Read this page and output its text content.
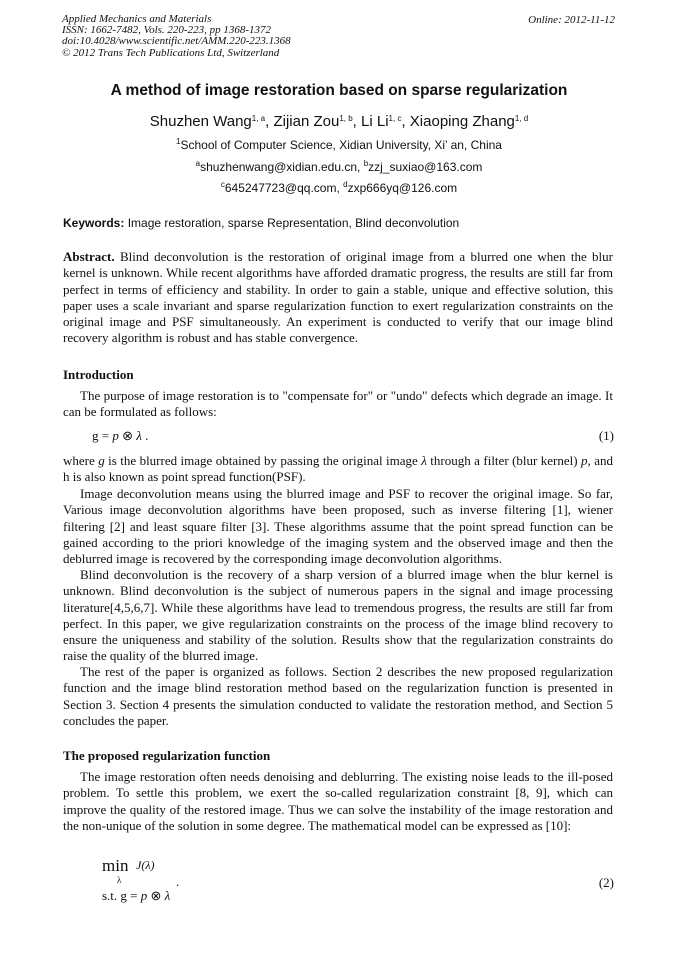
Applied Mechanics and Materials
ISSN: 1662-7482, Vols. 220-223, pp 1368-1372
doi:10.4028/www.scientific.net/AMM.220-223.1368
© 2012 Trans Tech Publications Ltd, Switzerland
Online: 2012-11-12
A method of image restoration based on sparse regularization
Shuzhen Wang$^{1, a}$, Zijian Zou$^{1, b}$, Li Li$^{1, c}$, Xiaoping Zhang$^{1, d}$
$^1$School of Computer Science, Xidian University, Xi’ an, China
$^a$shuzhenwang@xidian.edu.cn, $^b$zzj_suxiao@163.com
$^c$645247723@qq.com, $^d$zxp666yq@126.com
Keywords: Image restoration, sparse Representation, Blind deconvolution

Abstract. Blind deconvolution is the restoration of original image from a blurred one when the blur kernel is unknown. While recent algorithms have afforded dramatic progress, the results are still far from perfect in terms of efficiency and stability. In order to gain a stable, unique and effective solution, this paper uses a scale invariant and sparse regularization function to exert regularization constraints on the original image and PSF simultaneously. An experiment is conducted to verify that our image blind recovery algorithm is robust and has stable convergence.

Introduction

The purpose of image restoration is to "compensate for" or "undo" defects which degrade an image. It can be formulated as follows:

g = p ⊗ λ .	(1)

where g is the blurred image obtained by passing the original image λ through a filter (blur kernel) p, and h is also known as point spread function(PSF).

Image deconvolution means using the blurred image and PSF to recover the original image. So far, Various image deconvolution algorithms have been proposed, such as inverse filtering [1], wiener filtering [2] and least square filter [3]. These algorithms assume that the point spread function can be gained according to the priori knowledge of the imaging system and the observed image and then the deblurred image is recovered by the corresponding image deconvolution algorithms.

Blind deconvolution is the recovery of a sharp version of a blurred image when the blur kernel is unknown. Blind deconvolution is the subject of numerous papers in the signal and image processing literature[4,5,6,7]. While these algorithms have lead to tremendous progress, the results are still far from perfect. In this paper, we give regularization constraints on the process of the image blind recovery to ensure the uniqueness and stability of the solution. Results show that the regularization constraints do raise the quality of the blurred image.

The rest of the paper is organized as follows. Section 2 describes the new proposed regularization function and the image blind restoration method based on the regularization function is presented in Section 3. Section 4 presents the simulation conducted to validate the restoration method, and Section 5 concludes the paper.

The proposed regularization function

The image restoration often needs denoising and deblurring. The existing noise leads to the ill-posed problem. To settle this problem, we exert the so-called regularization constraint [8, 9], which can improve the quality of the restored image. Thus we can solve the instability of the image restoration and the non-unique of the solution in some degree. The mathematical model can be expressed as [10]:

min
λ
J(λ)
.
s.t. g = p ⊗ λ
(2)
